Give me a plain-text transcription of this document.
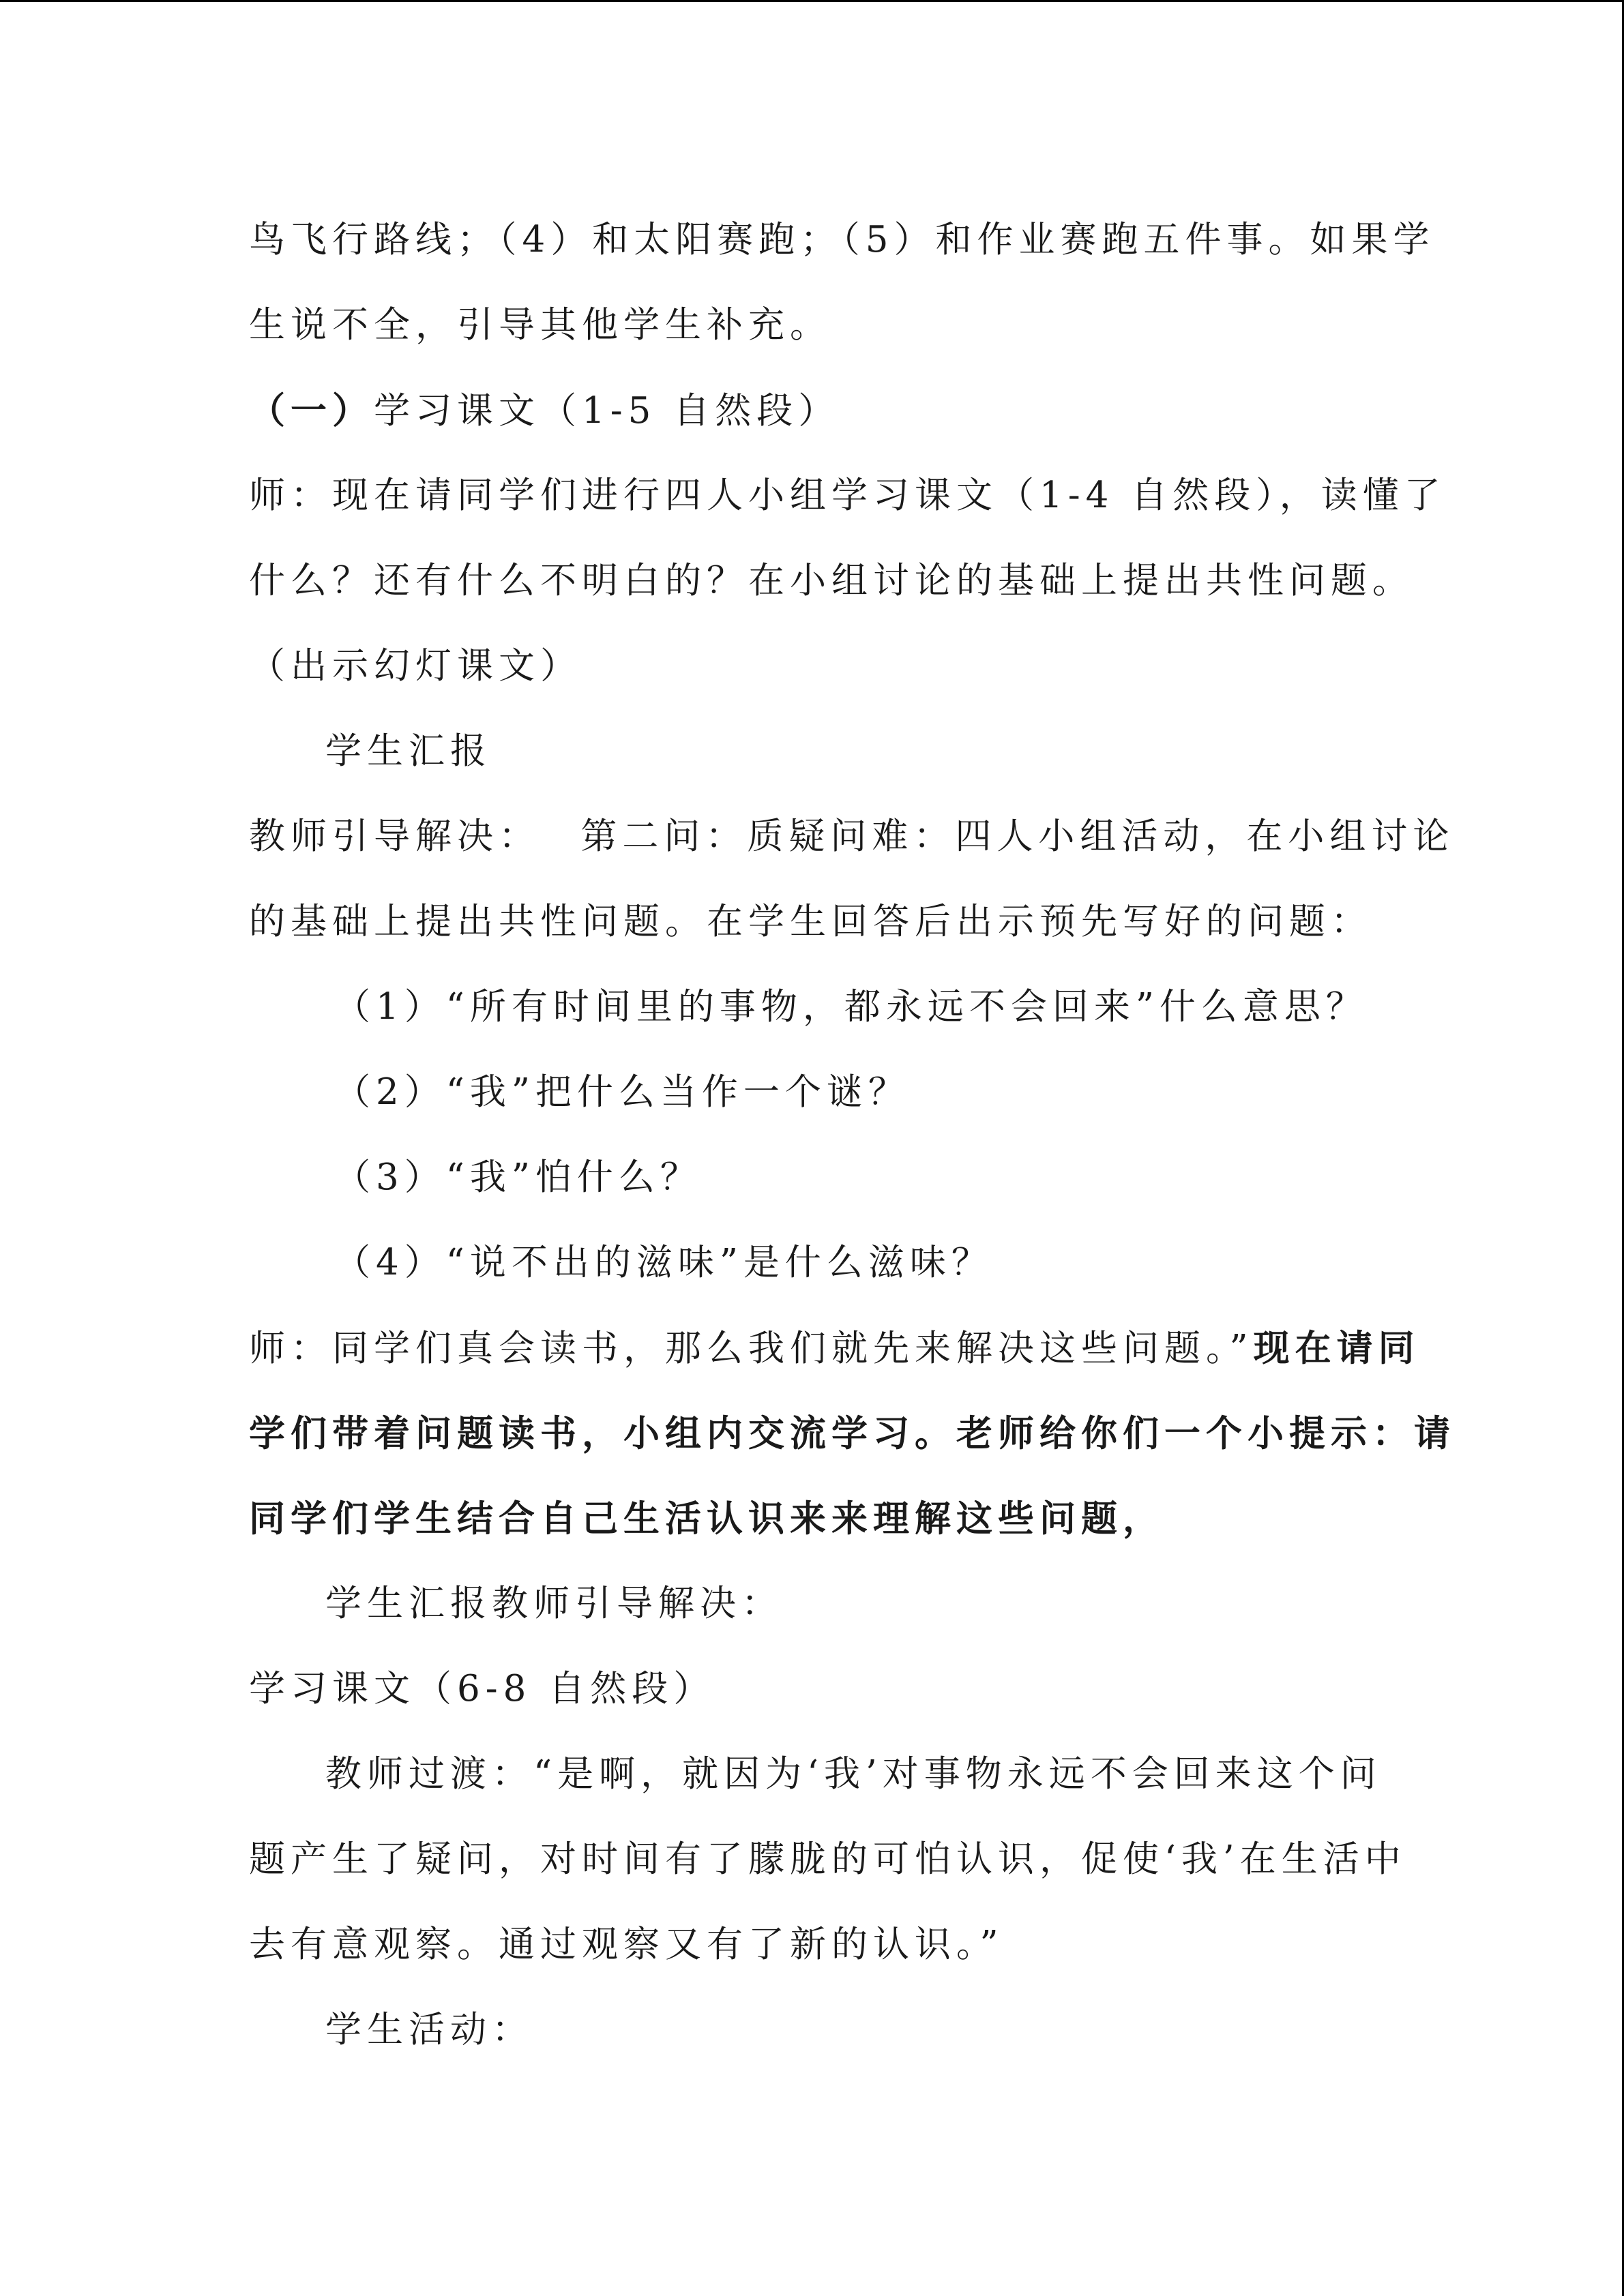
鸟飞行路线；（4）和太阳赛跑；（5）和作业赛跑五件事。如果学
生说不全，引导其他学生补充。
（一）学习课文（1-5 自然段）
师：现在请同学们进行四人小组学习课文（1-4 自然段），读懂了
什么？还有什么不明白的？在小组讨论的基础上提出共性问题。
（出示幻灯课文）
学生汇报
教师引导解决：　 第二问：质疑问难：四人小组活动，在小组讨论
的基础上提出共性问题。在学生回答后出示预先写好的问题：
（1）“所有时间里的事物，都永远不会回来”什么意思？
（2）“我”把什么当作一个谜？
（3）“我”怕什么？
（4）“说不出的滋味”是什么滋味？
师：同学们真会读书，那么我们就先来解决这些问题。”现在请同
学们带着问题读书，小组内交流学习。老师给你们一个小提示：请
同学们学生结合自己生活认识来来理解这些问题，
学生汇报教师引导解决：
学习课文（6-8 自然段）
教师过渡：“是啊，就因为‘我’对事物永远不会回来这个问
题产生了疑问，对时间有了朦胧的可怕认识，促使‘我’在生活中
去有意观察。通过观察又有了新的认识。”
学生活动：
